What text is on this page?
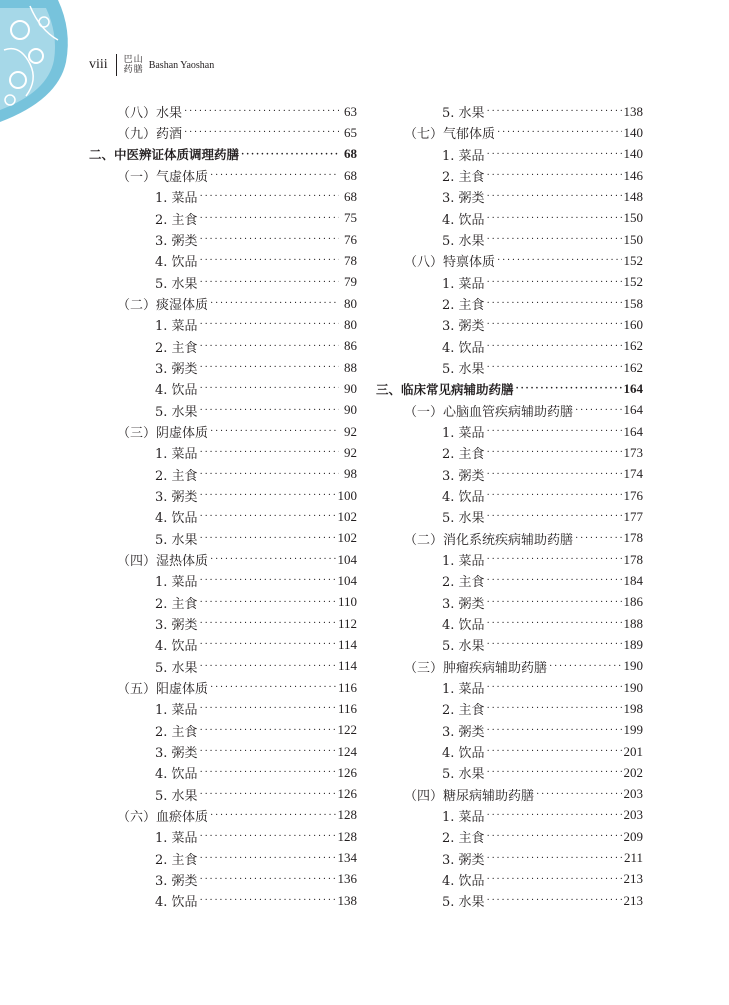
viii 巴山
药膳 Bashan Yaoshan
（八）水果 ·····	63
（九）药酒 ·····	65
二、中医辨证体质调理药膳 ·····	68
（一）气虚体质 ·····	68
1. 菜品 ·····	68
2. 主食 ·····	75
3. 粥类 ·····	76
4. 饮品 ·····	78
5. 水果 ·····	79
（二）痰湿体质 ·····	80
1. 菜品 ·····	80
2. 主食 ·····	86
3. 粥类 ·····	88
4. 饮品 ·····	90
5. 水果 ·····	90
（三）阴虚体质 ·····	92
1. 菜品 ·····	92
2. 主食 ·····	98
3. 粥类 ·····	100
4. 饮品 ·····	102
5. 水果 ·····	102
（四）湿热体质 ·····	104
1. 菜品 ·····	104
2. 主食 ·····	110
3. 粥类 ·····	112
4. 饮品 ·····	114
5. 水果 ·····	114
（五）阳虚体质 ·····	116
1. 菜品 ·····	116
2. 主食 ·····	122
3. 粥类 ·····	124
4. 饮品 ·····	126
5. 水果 ·····	126
（六）血瘀体质 ·····	128
1. 菜品 ·····	128
2. 主食 ·····	134
3. 粥类 ·····	136
4. 饮品 ·····	138
5. 水果 ·····	138
（七）气郁体质 ·····	140
1. 菜品 ·····	140
2. 主食 ·····	146
3. 粥类 ·····	148
4. 饮品 ·····	150
5. 水果 ·····	150
（八）特禀体质 ·····	152
1. 菜品 ·····	152
2. 主食 ·····	158
3. 粥类 ·····	160
4. 饮品 ·····	162
5. 水果 ·····	162
三、临床常见病辅助药膳 ·····	164
（一）心脑血管疾病辅助药膳 ·····	164
1. 菜品 ·····	164
2. 主食 ·····	173
3. 粥类 ·····	174
4. 饮品 ·····	176
5. 水果 ·····	177
（二）消化系统疾病辅助药膳 ·····	178
1. 菜品 ·····	178
2. 主食 ·····	184
3. 粥类 ·····	186
4. 饮品 ·····	188
5. 水果 ·····	189
（三）肿瘤疾病辅助药膳 ·····	190
1. 菜品 ·····	190
2. 主食 ·····	198
3. 粥类 ·····	199
4. 饮品 ·····	201
5. 水果 ·····	202
（四）糖尿病辅助药膳 ·····	203
1. 菜品 ·····	203
2. 主食 ·····	209
3. 粥类 ·····	211
4. 饮品 ·····	213
5. 水果 ·····	213
